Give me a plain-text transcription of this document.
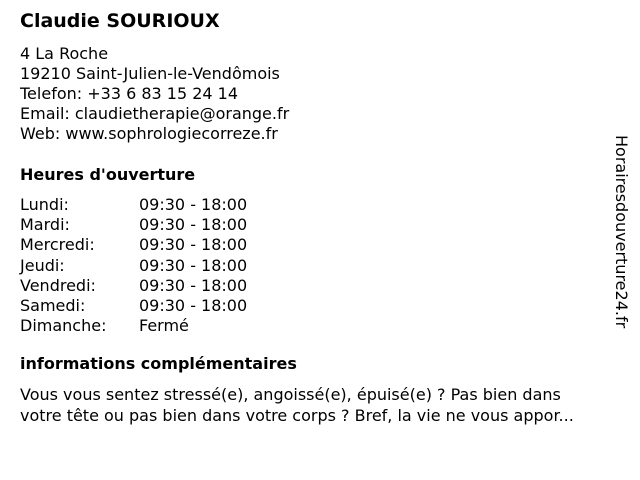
Claudie SOURIOUX
4 La Roche
19210 Saint-Julien-le-Vendômois
Telefon: +33 6 83 15 24 14
Email: claudietherapie@orange.fr
Web: www.sophrologiecorreze.fr
Heures d'ouverture
Lundi:	09:30 - 18:00
Mardi:	09:30 - 18:00
Mercredi:	09:30 - 18:00
Jeudi:	09:30 - 18:00
Vendredi:	09:30 - 18:00
Samedi:	09:30 - 18:00
Dimanche:	Fermé
informations complémentaires
Vous vous sentez stressé(e), angoissé(e), épuisé(e) ? Pas bien dans
votre tête ou pas bien dans votre corps ? Bref, la vie ne vous appor...
Horairesdouverture24.fr
